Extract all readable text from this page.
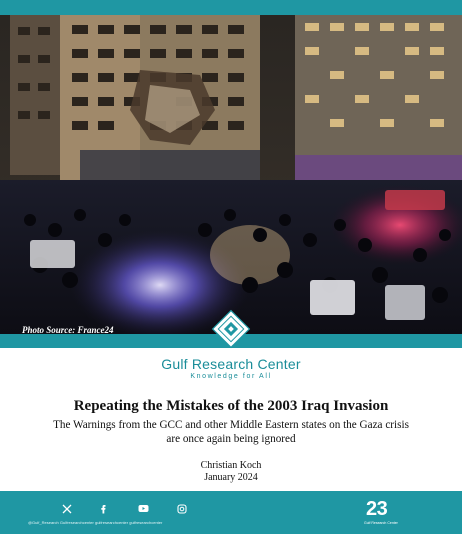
Photo Source: France24
Gulf Research Center
Knowledge for All
Repeating the Mistakes of the 2003 Iraq Invasion
The Warnings from the GCC and other Middle Eastern states on the Gaza crisis
are once again being ignored
Christian Koch
January 2024
@Gulf_Research Gulfresearchcenter gulfresearchcenter gulfresearchcenter
23
Gulf Research Center
